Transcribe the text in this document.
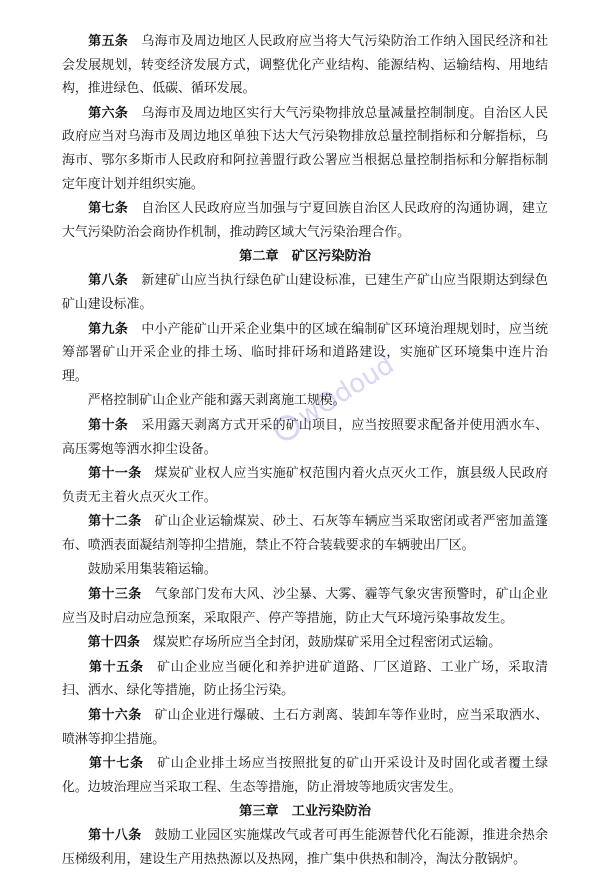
　　第五条　 乌海市及周边地区人民政府应当将大气污染防治工作纳入国民经济和社会发展规划，转变经济发展方式，调整优化产业结构、能源结构、运输结构、用地结构，推进绿色、低碳、循环发展。

　　第六条　 乌海市及周边地区实行大气污染物排放总量减量控制制度。自治区人民政府应当对乌海市及周边地区单独下达大气污染物排放总量控制指标和分解指标，乌海市、鄂尔多斯市人民政府和阿拉善盟行政公署应当根据总量控制指标和分解指标制定年度计划并组织实施。

　　第七条　 自治区人民政府应当加强与宁夏回族自治区人民政府的沟通协调，建立大气污染防治会商协作机制，推动跨区域大气污染治理合作。

第二章　矿区污染防治

　　第八条　 新建矿山应当执行绿色矿山建设标准，已建生产矿山应当限期达到绿色矿山建设标准。

　　第九条　 中小产能矿山开采企业集中的区域在编制矿区环境治理规划时，应当统筹部署矿山开采企业的排土场、临时排矸场和道路建设，实施矿区环境集中连片治理。

　　严格控制矿山企业产能和露天剥离施工规模。

　　第十条　 采用露天剥离方式开采的矿山项目，应当按照要求配备并使用洒水车、高压雾炮等洒水抑尘设备。

　　第十一条　 煤炭矿业权人应当实施矿权范围内着火点灭火工作，旗县级人民政府负责无主着火点灭火工作。

　　第十二条　 矿山企业运输煤炭、砂土、石灰等车辆应当采取密闭或者严密加盖篷布、喷洒表面凝结剂等抑尘措施，禁止不符合装载要求的车辆驶出厂区。

　　鼓励采用集装箱运输。

　　第十三条　 气象部门发布大风、沙尘暴、大雾、霾等气象灾害预警时，矿山企业应当及时启动应急预案，采取限产、停产等措施，防止大气环境污染事故发生。

　　第十四条　 煤炭贮存场所应当全封闭，鼓励煤矿采用全过程密闭式运输。

　　第十五条　 矿山企业应当硬化和养护进矿道路、厂区道路、工业广场，采取清扫、洒水、绿化等措施，防止扬尘污染。

　　第十六条　 矿山企业进行爆破、土石方剥离、装卸车等作业时，应当采取洒水、喷淋等抑尘措施。

　　第十七条　 矿山企业排土场应当按照批复的矿山开采设计及时固化或者覆土绿化。边坡治理应当采取工程、生态等措施，防止滑坡等地质灾害发生。

第三章　工业污染防治

　　第十八条　 鼓励工业园区实施煤改气或者可再生能源替代化石能源，推进余热余压梯级利用，建设生产用热热源以及热网，推广集中供热和制冷，淘汰分散锅炉。

wOdoud
